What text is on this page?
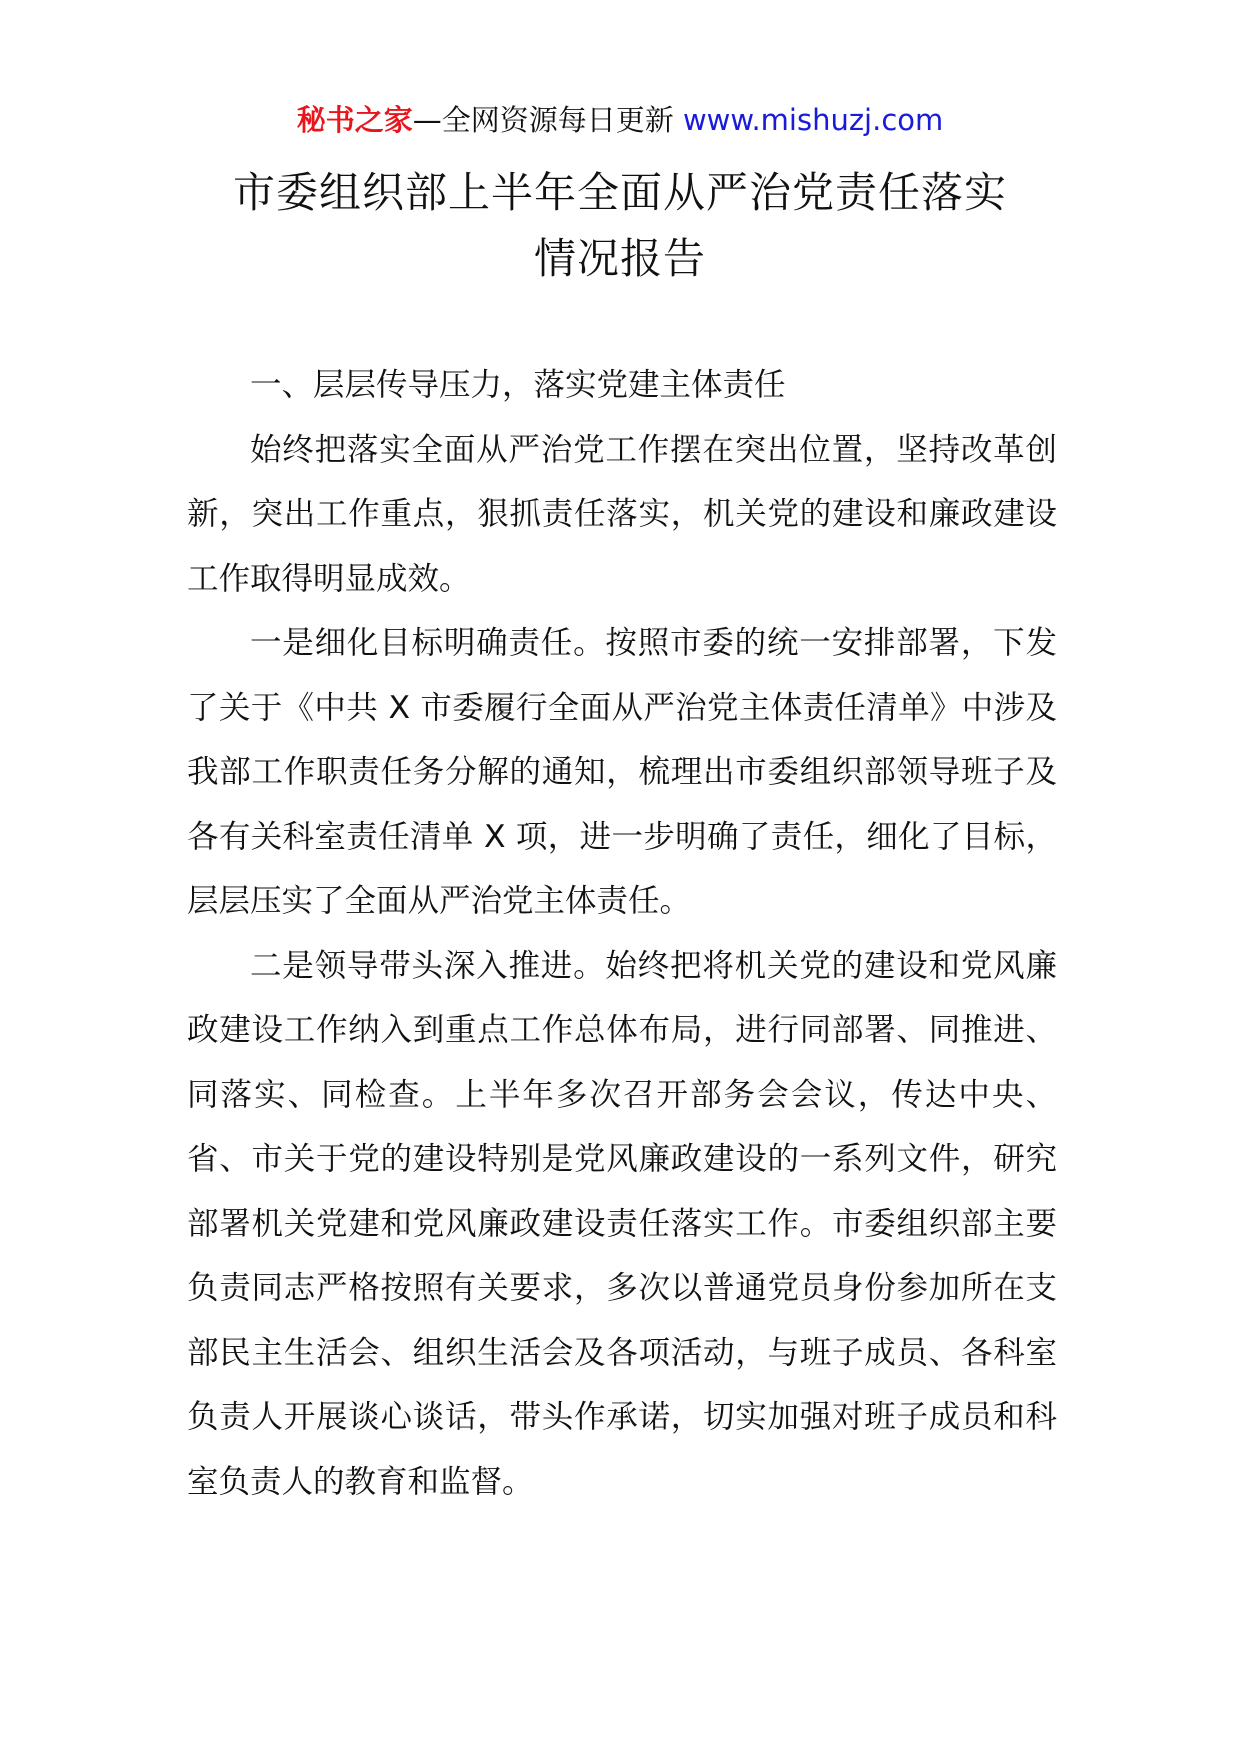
秘书之家—全网资源每日更新 www.mishuzj.com
市委组织部上半年全面从严治党责任落实
情况报告

一、层层传导压力，落实党建主体责任

始终把落实全面从严治党工作摆在突出位置，坚持改革创新，突出工作重点，狠抓责任落实，机关党的建设和廉政建设工作取得明显成效。

一是细化目标明确责任。按照市委的统一安排部署，下发了关于《中共 X 市委履行全面从严治党主体责任清单》中涉及我部工作职责任务分解的通知，梳理出市委组织部领导班子及各有关科室责任清单 X 项，进一步明确了责任，细化了目标，层层压实了全面从严治党主体责任。

二是领导带头深入推进。始终把将机关党的建设和党风廉政建设工作纳入到重点工作总体布局，进行同部署、同推进、同落实、同检查。上半年多次召开部务会会议，传达中央、省、市关于党的建设特别是党风廉政建设的一系列文件，研究部署机关党建和党风廉政建设责任落实工作。市委组织部主要负责同志严格按照有关要求，多次以普通党员身份参加所在支部民主生活会、组织生活会及各项活动，与班子成员、各科室负责人开展谈心谈话，带头作承诺，切实加强对班子成员和科室负责人的教育和监督。
